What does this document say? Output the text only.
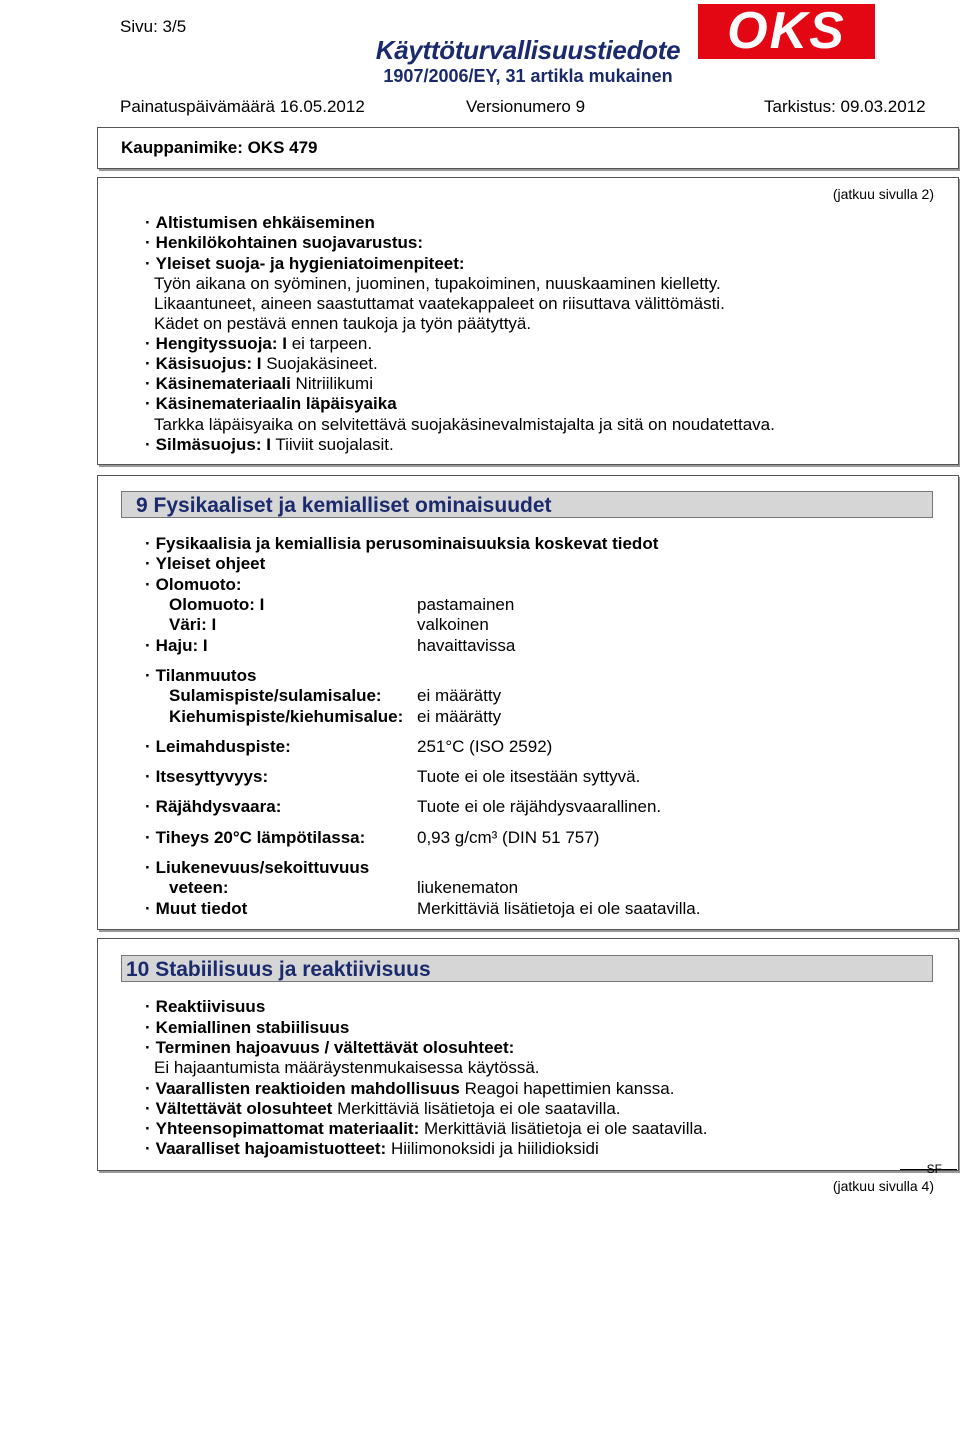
Sivu: 3/5
Käyttöturvallisuustiedote
1907/2006/EY, 31 artikla mukainen
OKS
Painatuspäivämäärä 16.05.2012	Versionumero 9	Tarkistus: 09.03.2012
Kauppanimike: OKS 479
(jatkuu sivulla 2)
· Altistumisen ehkäiseminen
· Henkilökohtainen suojavarustus:
· Yleiset suoja- ja hygieniatoimenpiteet:
Työn aikana on syöminen, juominen, tupakoiminen, nuuskaaminen kielletty.
Likaantuneet, aineen saastuttamat vaatekappaleet on riisuttava välittömästi.
Kädet on pestävä ennen taukoja ja työn päätyttyä.
· Hengityssuoja: I ei tarpeen.
· Käsisuojus: I Suojakäsineet.
· Käsinemateriaali Nitriilikumi
· Käsinemateriaalin läpäisyaika
Tarkka läpäisyaika on selvitettävä suojakäsinevalmistajalta ja sitä on noudatettava.
· Silmäsuojus: I Tiiviit suojalasit.
9 Fysikaaliset ja kemialliset ominaisuudet
· Fysikaalisia ja kemiallisia perusominaisuuksia koskevat tiedot
· Yleiset ohjeet
· Olomuoto:
Olomuoto: I	pastamainen
Väri: I	valkoinen
· Haju: I	havaittavissa
· Tilanmuutos
Sulamispiste/sulamisalue: ei määrätty
Kiehumispiste/kiehumisalue: ei määrätty
· Leimahduspiste:	251°C (ISO 2592)
· Itsesyttyvyys:	Tuote ei ole itsestään syttyvä.
· Räjähdysvaara:	Tuote ei ole räjähdysvaarallinen.
· Tiheys 20°C lämpötilassa:	0,93 g/cm³ (DIN 51 757)
· Liukenevuus/sekoittuvuus
veteen:	liukenematon
· Muut tiedot	Merkittäviä lisätietoja ei ole saatavilla.
10 Stabiilisuus ja reaktiivisuus
· Reaktiivisuus
· Kemiallinen stabiilisuus
· Terminen hajoavuus / vältettävät olosuhteet:
Ei hajaantumista määräystenmukaisessa käytössä.
· Vaarallisten reaktioiden mahdollisuus Reagoi hapettimien kanssa.
· Vältettävät olosuhteet Merkittäviä lisätietoja ei ole saatavilla.
· Yhteensopimattomat materiaalit: Merkittäviä lisätietoja ei ole saatavilla.
· Vaaralliset hajoamistuotteet: Hiilimonoksidi ja hiilidioksidi
SF
(jatkuu sivulla 4)
